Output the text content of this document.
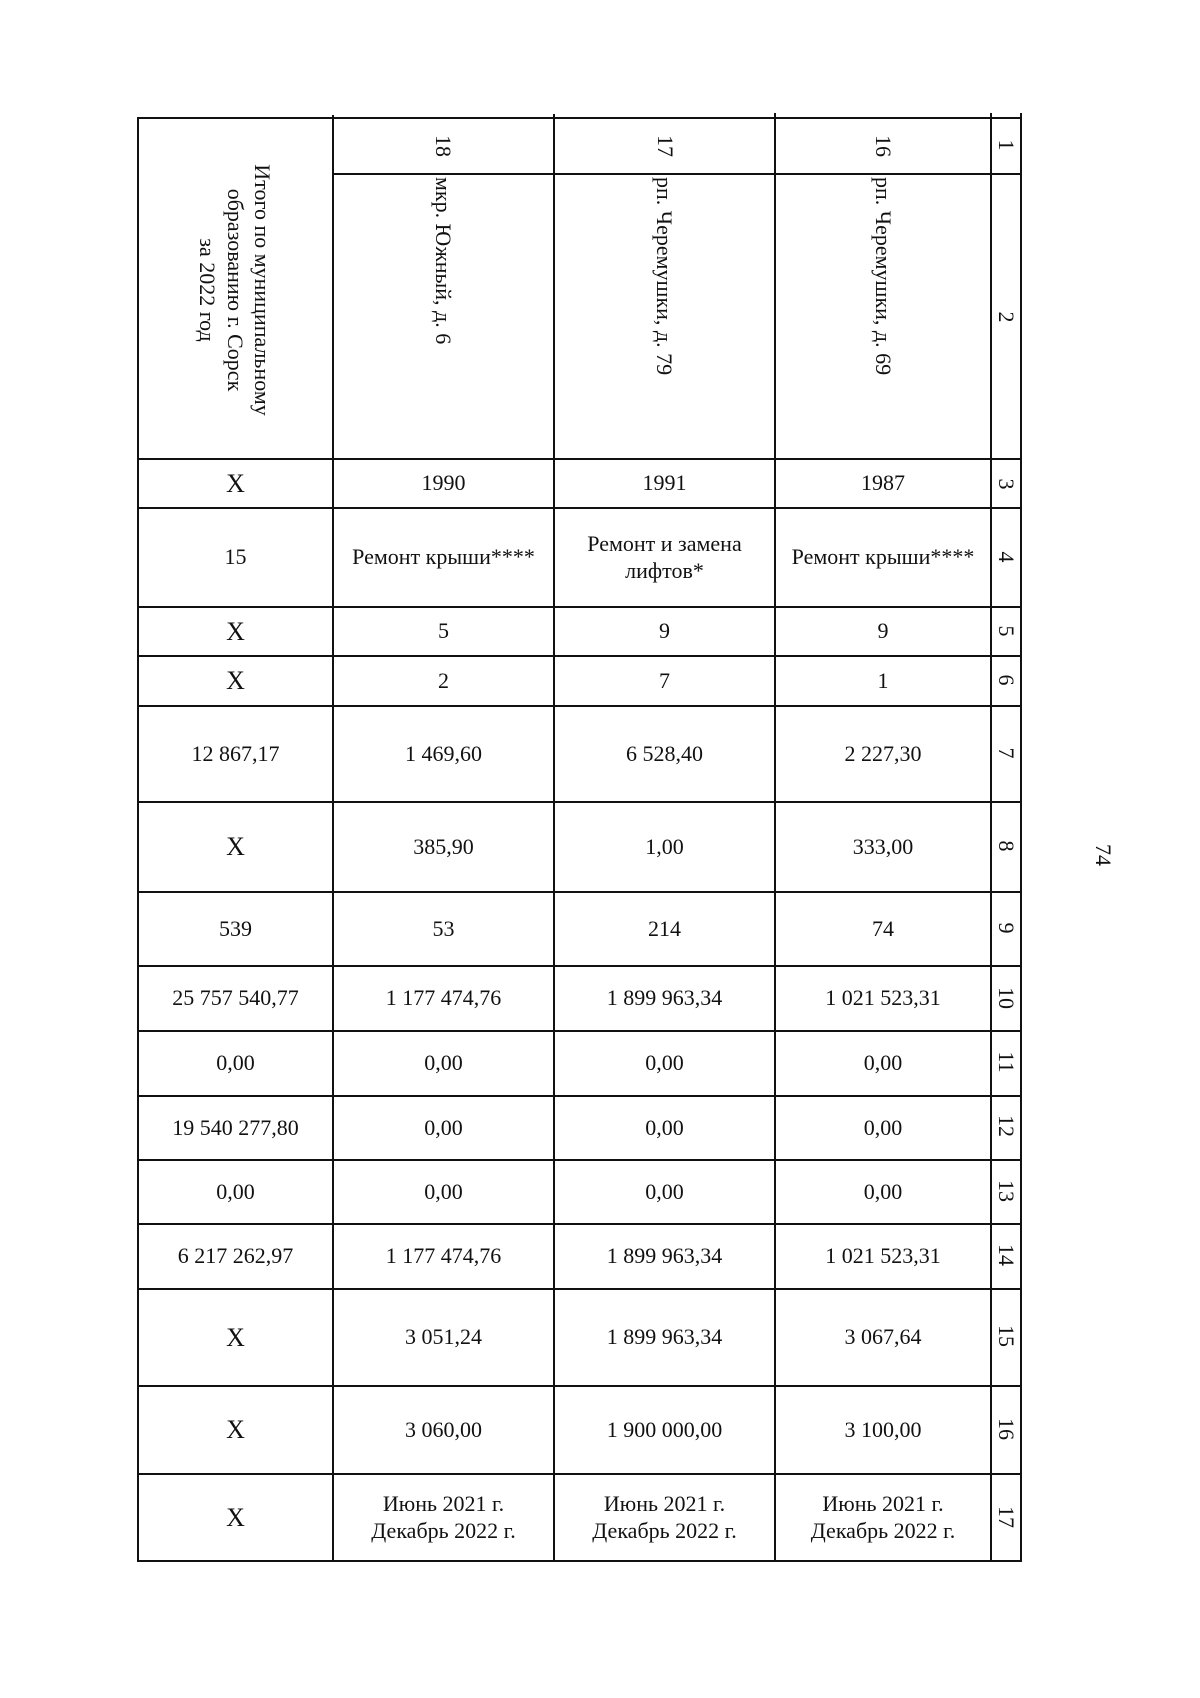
74
1
2
3
4
5
6
7
8
9
10
11
12
13
14
15
16
17
16
рп. Черемушки, д. 69
1987
Ремонт крыши****
9
1
2 227,30
333,00
74
1 021 523,31
0,00
0,00
0,00
1 021 523,31
3 067,64
3 100,00
Июнь 2021 г.
Декабрь 2022 г.
17
рп. Черемушки, д. 79
1991
Ремонт и замена
лифтов*
9
7
6 528,40
1,00
214
1 899 963,34
0,00
0,00
0,00
1 899 963,34
1 899 963,34
1 900 000,00
Июнь 2021 г.
Декабрь 2022 г.
18
мкр. Южный, д. 6
1990
Ремонт крыши****
5
2
1 469,60
385,90
53
1 177 474,76
0,00
0,00
0,00
1 177 474,76
3 051,24
3 060,00
Июнь 2021 г.
Декабрь 2022 г.
Итого по муниципальному
образованию г. Сорск
за 2022 год
Х
15
Х
Х
12 867,17
Х
539
25 757 540,77
0,00
19 540 277,80
0,00
6 217 262,97
Х
Х
Х
